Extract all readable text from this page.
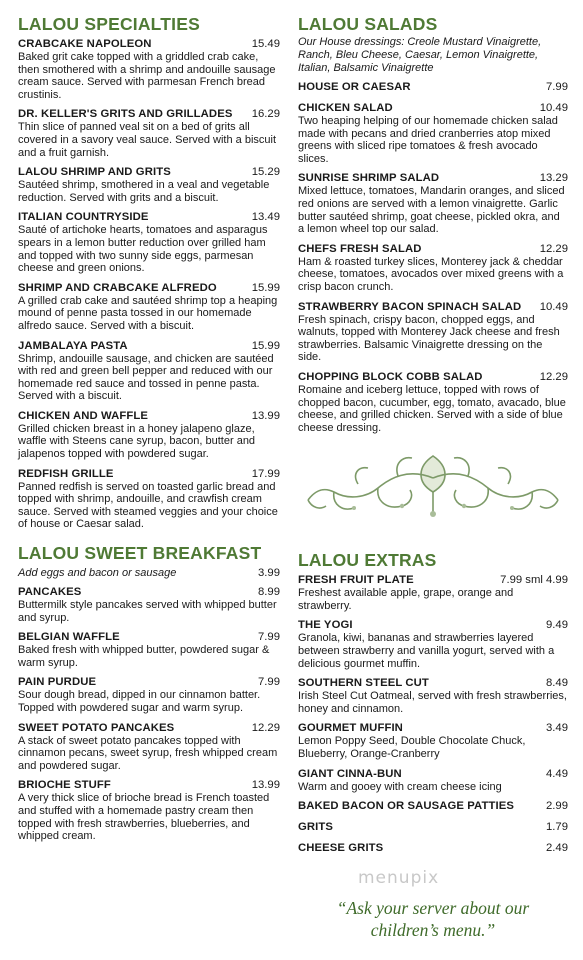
LALOU SPECIALTIES
CRABCAKE NAPOLEON	15.49
Baked grit cake topped with a griddled crab cake, then smothered with a shrimp and andouille sausage cream sauce. Served with parmesan French bread crustinis.
DR. KELLER'S GRITS AND GRILLADES 16.29
Thin slice of panned veal sit on a bed of grits all covered in a savory veal sauce. Served with a biscuit and a fruit garnish.
LALOU SHRIMP AND GRITS	15.29
Sautéed shrimp, smothered in a veal and vegetable reduction. Served with grits and a biscuit.
ITALIAN COUNTRYSIDE	13.49
Sauté of artichoke hearts, tomatoes and asparagus spears in a lemon butter reduction over grilled ham and topped with two sunny side eggs, parmesan cheese and green onions.
SHRIMP AND CRABCAKE ALFREDO	15.99
A grilled crab cake and sautéed shrimp top a heaping mound of penne pasta tossed in our homemade alfredo sauce. Served with a biscuit.
JAMBALAYA PASTA	15.99
Shrimp, andouille sausage, and chicken are sautéed with red and green bell pepper and reduced with our homemade red sauce and tossed in penne pasta. Served with a biscuit.
CHICKEN AND WAFFLE	13.99
Grilled chicken breast in a honey jalapeno glaze, waffle with Steens cane syrup, bacon, butter and jalapenos topped with powdered sugar.
REDFISH GRILLE	17.99
Panned redfish is served on toasted garlic bread and topped with shrimp, andouille, and crawfish cream sauce. Served with steamed veggies and your choice of house or Caesar salad.
LALOU SWEET BREAKFAST
Add eggs and bacon or sausage	3.99
PANCAKES	8.99
Buttermilk style pancakes served with whipped butter and syrup.
BELGIAN WAFFLE	7.99
Baked fresh with whipped butter, powdered sugar & warm syrup.
PAIN PURDUE	7.99
Sour dough bread, dipped in our cinnamon batter. Topped with powdered sugar and warm syrup.
SWEET POTATO PANCAKES	12.29
A stack of sweet potato pancakes topped with cinnamon pecans, sweet syrup, fresh whipped cream and powdered sugar.
BRIOCHE STUFF	13.99
A very thick slice of brioche bread is French toasted and stuffed with a homemade pastry cream then topped with fresh strawberries, blueberries, and whipped cream.
LALOU SALADS
Our House dressings: Creole Mustard Vinaigrette, Ranch, Bleu Cheese, Caesar, Lemon Vinaigrette, Italian, Balsamic Vinaigrette
HOUSE OR CAESAR	7.99
CHICKEN SALAD	10.49
Two heaping helping of our homemade chicken salad made with pecans and dried cranberries atop mixed greens with sliced ripe tomatoes & fresh avocado slices.
SUNRISE SHRIMP SALAD	13.29
Mixed lettuce, tomatoes, Mandarin oranges, and sliced red onions are served with a lemon vinaigrette. Garlic butter sautéed shrimp, goat cheese, pickled okra, and a lemon wheel top our salad.
CHEFS FRESH SALAD	12.29
Ham & roasted turkey slices, Monterey jack & cheddar cheese, tomatoes, avocados over mixed greens with a crisp bacon crunch.
STRAWBERRY BACON SPINACH SALAD 10.49
Fresh spinach, crispy bacon, chopped eggs, and walnuts, topped with Monterey Jack cheese and fresh strawberries. Balsamic Vinaigrette dressing on the side.
CHOPPING BLOCK COBB SALAD	12.29
Romaine and iceberg lettuce, topped with rows of chopped bacon, cucumber, egg, tomato, avacado, blue cheese, and grilled chicken. Served with a side of blue cheese dressing.
LALOU EXTRAS
FRESH FRUIT PLATE	7.99 sml 4.99
Freshest available apple, grape, orange and strawberry.
THE YOGI	9.49
Granola, kiwi, bananas and strawberries layered between strawberry and vanilla yogurt, served with a delicious gourmet muffin.
SOUTHERN STEEL CUT	8.49
Irish Steel Cut Oatmeal, served with fresh strawberries, honey and cinnamon.
GOURMET MUFFIN	3.49
Lemon Poppy Seed, Double Chocolate Chuck, Blueberry, Orange-Cranberry
GIANT CINNA-BUN	4.49
Warm and gooey with cream cheese icing
BAKED BACON OR SAUSAGE PATTIES	2.99
GRITS	1.79
CHEESE GRITS	2.49
menupix
“Ask your server about our
children’s menu.”
